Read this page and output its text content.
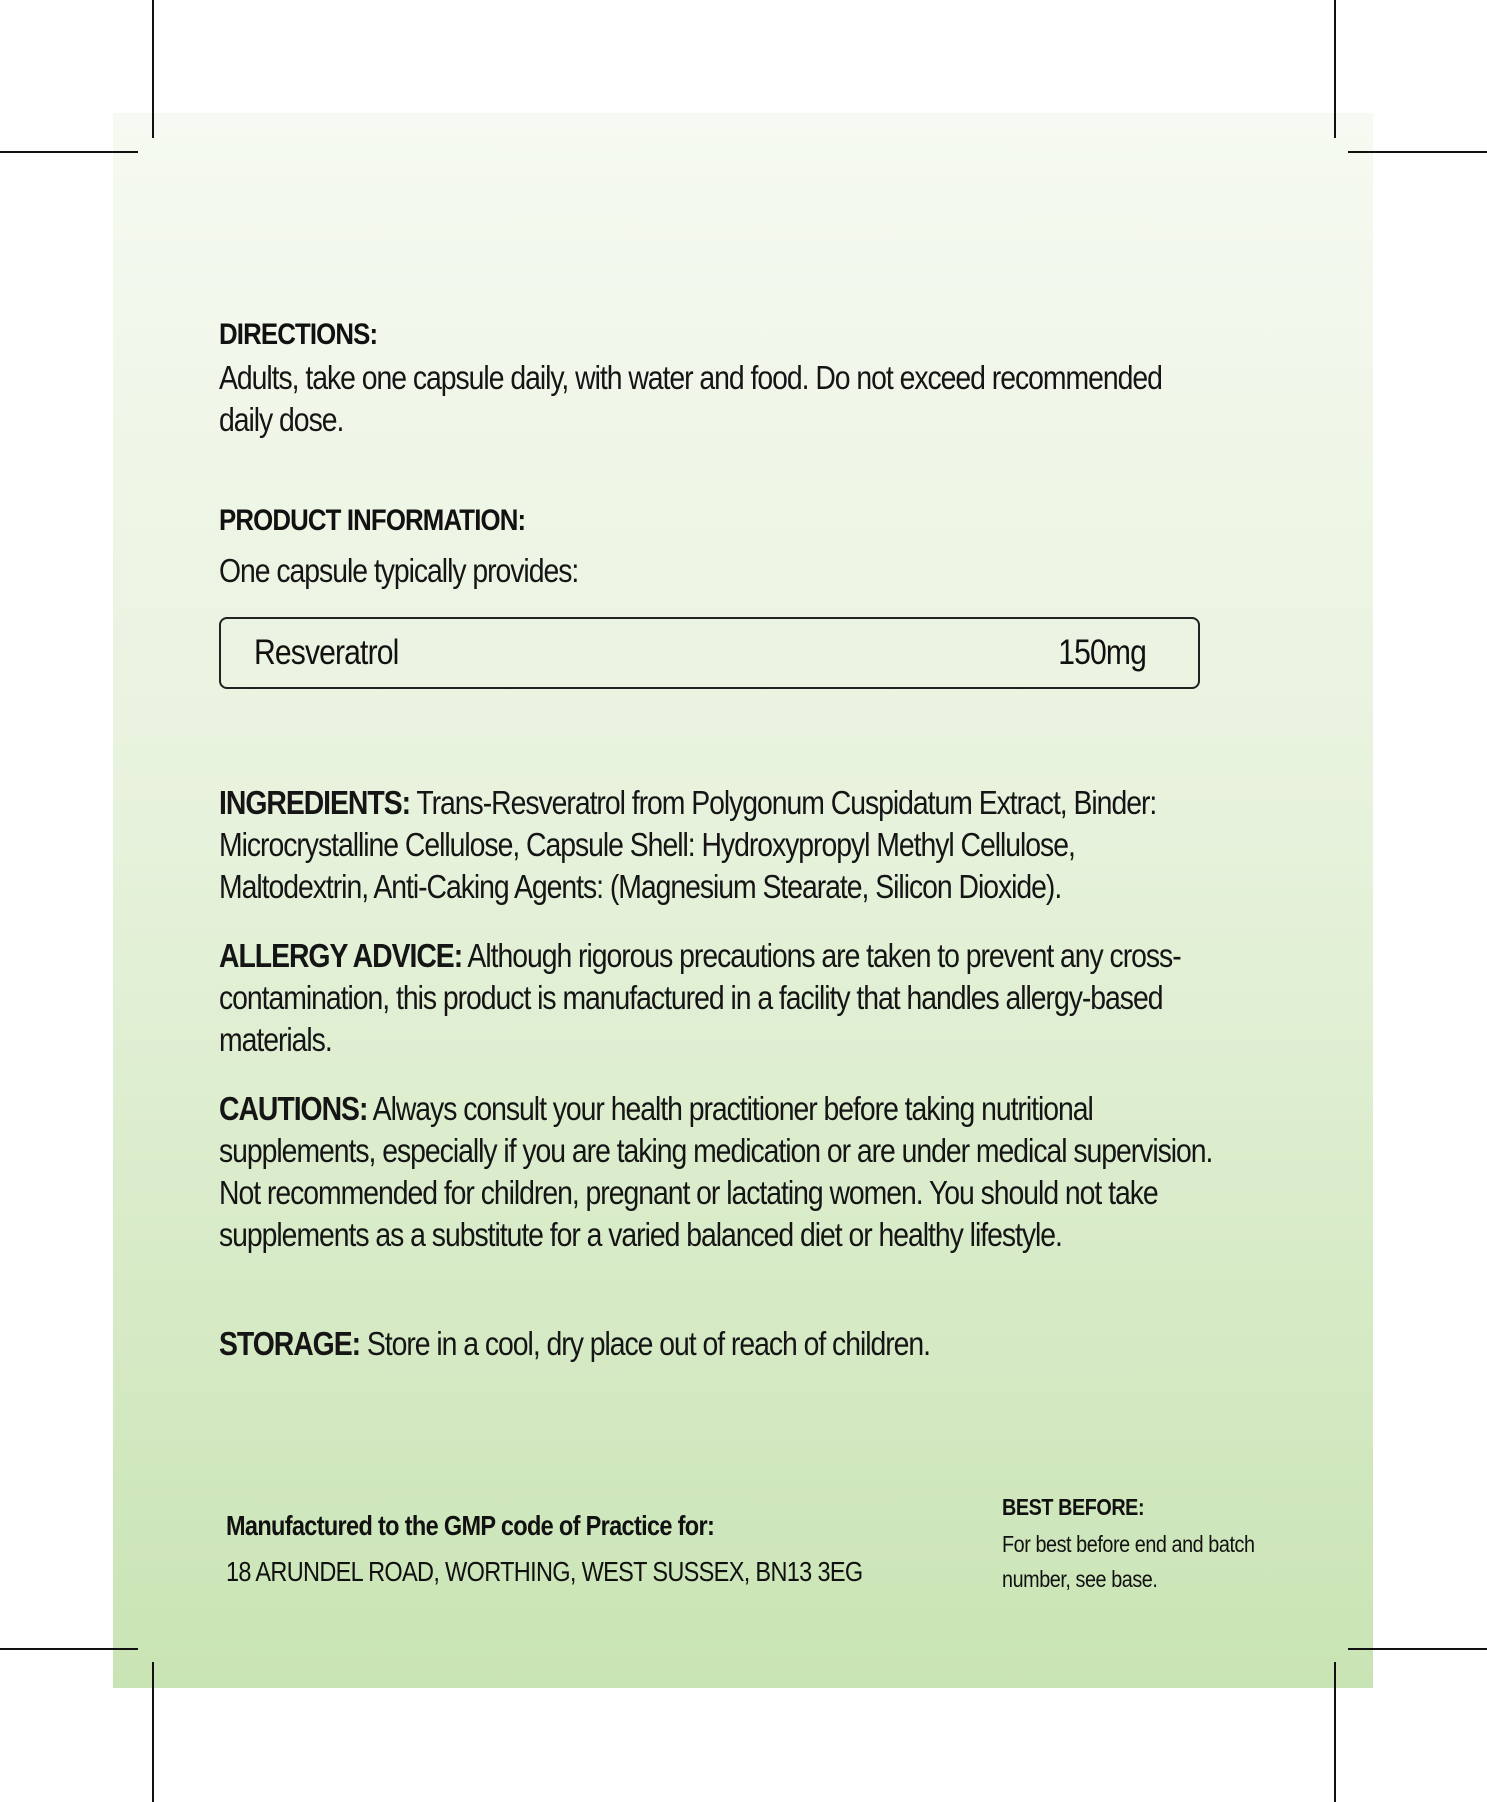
DIRECTIONS:
Adults, take one capsule daily, with water and food. Do not exceed recommended daily dose.
PRODUCT INFORMATION:
One capsule typically provides:
Resveratrol	150mg
INGREDIENTS: Trans-Resveratrol from Polygonum Cuspidatum Extract, Binder: Microcrystalline Cellulose, Capsule Shell: Hydroxypropyl Methyl Cellulose, Maltodextrin, Anti-Caking Agents: (Magnesium Stearate, Silicon Dioxide).
ALLERGY ADVICE: Although rigorous precautions are taken to prevent any cross-contamination, this product is manufactured in a facility that handles allergy-based materials.
CAUTIONS: Always consult your health practitioner before taking nutritional supplements, especially if you are taking medication or are under medical supervision. Not recommended for children, pregnant or lactating women. You should not take supplements as a substitute for a varied balanced diet or healthy lifestyle.
STORAGE: Store in a cool, dry place out of reach of children.
Manufactured to the GMP code of Practice for:
18 ARUNDEL ROAD, WORTHING, WEST SUSSEX, BN13 3EG
BEST BEFORE:
For best before end and batch number, see base.
